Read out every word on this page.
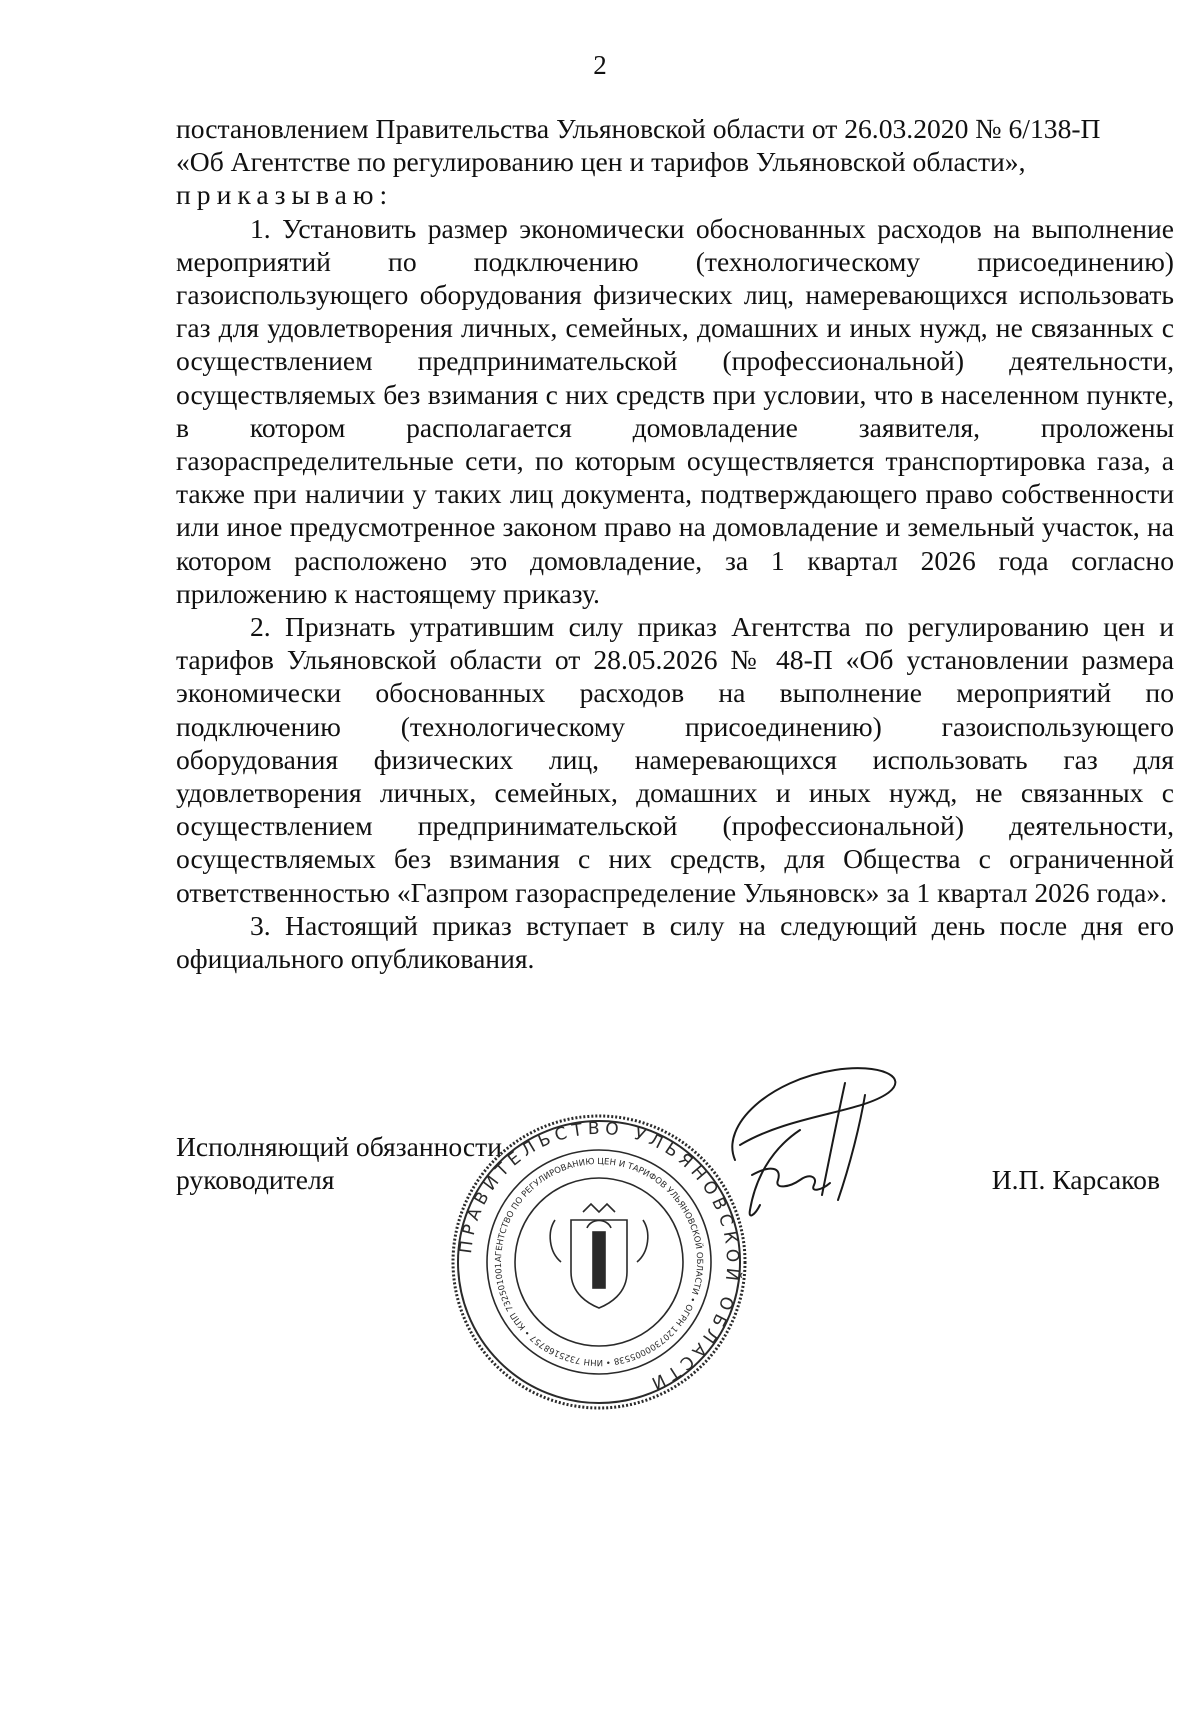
2

постановлением Правительства Ульяновской области от 26.03.2020 № 6/138-П

«Об Агентстве по регулированию цен и тарифов Ульяновской области»,

приказываю:

1. Установить размер экономически обоснованных расходов на выполнение мероприятий по подключению (технологическому присоединению) газоиспользующего оборудования физических лиц, намеревающихся использовать газ для удовлетворения личных, семейных, домашних и иных нужд, не связанных с осуществлением предпринимательской (профессиональной) деятельности, осуществляемых без взимания с них средств при условии, что в населенном пункте, в котором располагается домовладение заявителя, проложены газораспределительные сети, по которым осуществляется транспортировка газа, а также при наличии у таких лиц документа, подтверждающего право собственности или иное предусмотренное законом право на домовладение и земельный участок, на котором расположено это домовладение, за 1 квартал 2026 года согласно приложению к настоящему приказу.

2. Признать утратившим силу приказ Агентства по регулированию цен и тарифов Ульяновской области от 28.05.2026 № 48-П «Об установлении размера экономически обоснованных расходов на выполнение мероприятий по подключению (технологическому присоединению) газоиспользующего оборудования физических лиц, намеревающихся использовать газ для удовлетворения личных, семейных, домашних и иных нужд, не связанных с осуществлением предпринимательской (профессиональной) деятельности, осуществляемых без взимания с них средств, для Общества с ограниченной ответственностью «Газпром газораспределение Ульяновск» за 1 квартал 2026 года».

3. Настоящий приказ вступает в силу на следующий день после дня его официального опубликования.

Исполняющий обязанности
руководителя	И.П. Карсаков
ПРАВИТЕЛЬСТВО УЛЬЯНОВСКОЙ ОБЛАСТИ
АГЕНТСТВО ПО РЕГУЛИРОВАНИЮ ЦЕН И ТАРИФОВ УЛЬЯНОВСКОЙ ОБЛАСТИ • ОГРН 1207300005538 • ИНН 7325168757 • КПП 732501001
